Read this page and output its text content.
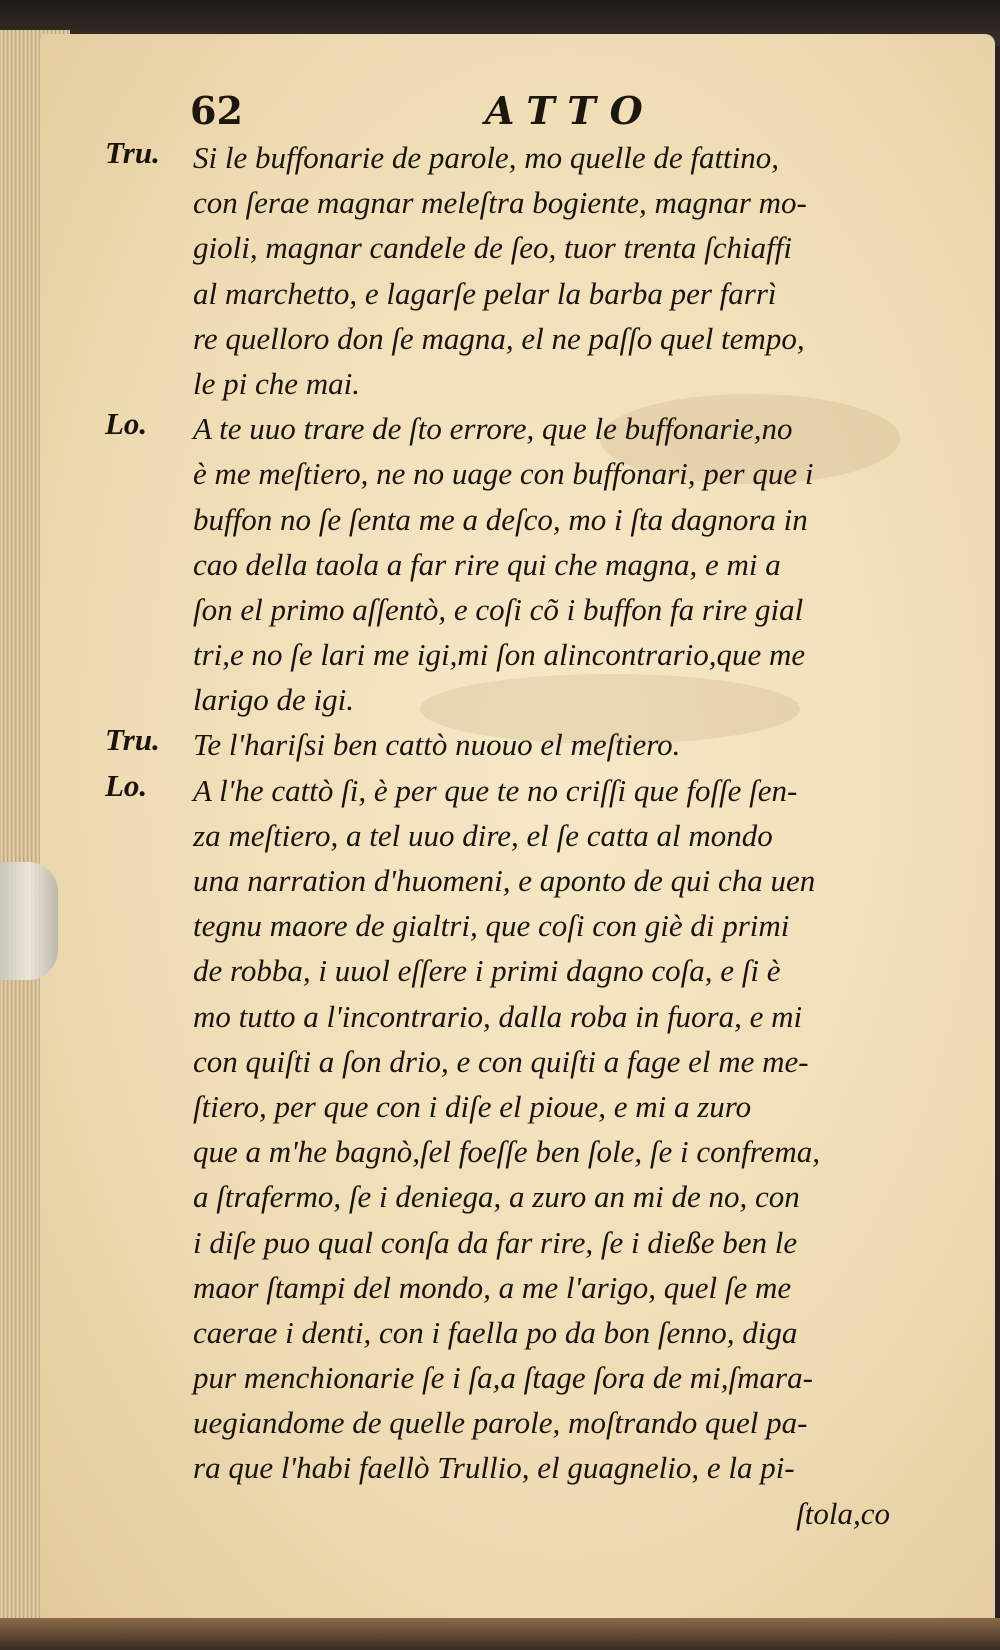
62	ATTO
Tru.	Si le buffonarie de parole, mo quelle de fattino,
con ſerae magnar meleſtra bogiente, magnar mo-
gioli, magnar candele de ſeo, tuor trenta ſchiaffi
al marchetto, e lagarſe pelar la barba per farrì
re quelloro don ſe magna, el ne paſſo quel tempo,
le pi che mai.
Lo.	A te uuo trare de ſto errore, que le buffonarie,no
è me meſtiero, ne no uage con buffonari, per que i
buffon no ſe ſenta me a deſco, mo i ſta dagnora in
cao della taola a far rire qui che magna, e mi a
ſon el primo aſſentò, e coſi cõ i buffon fa rire gial
tri,e no ſe lari me igi,mi ſon alincontrario,que me
larigo de igi.
Tru.	Te l'hariſsi ben cattò nuouo el meſtiero.
Lo.	A l'he cattò ſi, è per que te no criſſi que foſſe ſen-
za meſtiero, a tel uuo dire, el ſe catta al mondo
una narration d'huomeni, e aponto de qui cha uen
tegnu maore de gialtri, que coſi con giè di primi
de robba, i uuol eſſere i primi dagno coſa, e ſi è
mo tutto a l'incontrario, dalla roba in fuora, e mi
con quiſti a ſon drio, e con quiſti a fage el me me-
ſtiero, per que con i diſe el pioue, e mi a zuro
que a m'he bagnò,ſel foeſſe ben ſole, ſe i confrema,
a ſtrafermo, ſe i deniega, a zuro an mi de no, con
i diſe puo qual conſa da far rire, ſe i dieße ben le
maor ſtampi del mondo, a me l'arigo, quel ſe me
caerae i denti, con i faella po da bon ſenno, diga
pur menchionarie ſe i ſa,a ſtage ſora de mi,ſmara-
uegiandome de quelle parole, moſtrando quel pa-
ra que l'habi faellò Trullio, el guagnelio, e la pi-
ſtola,co
